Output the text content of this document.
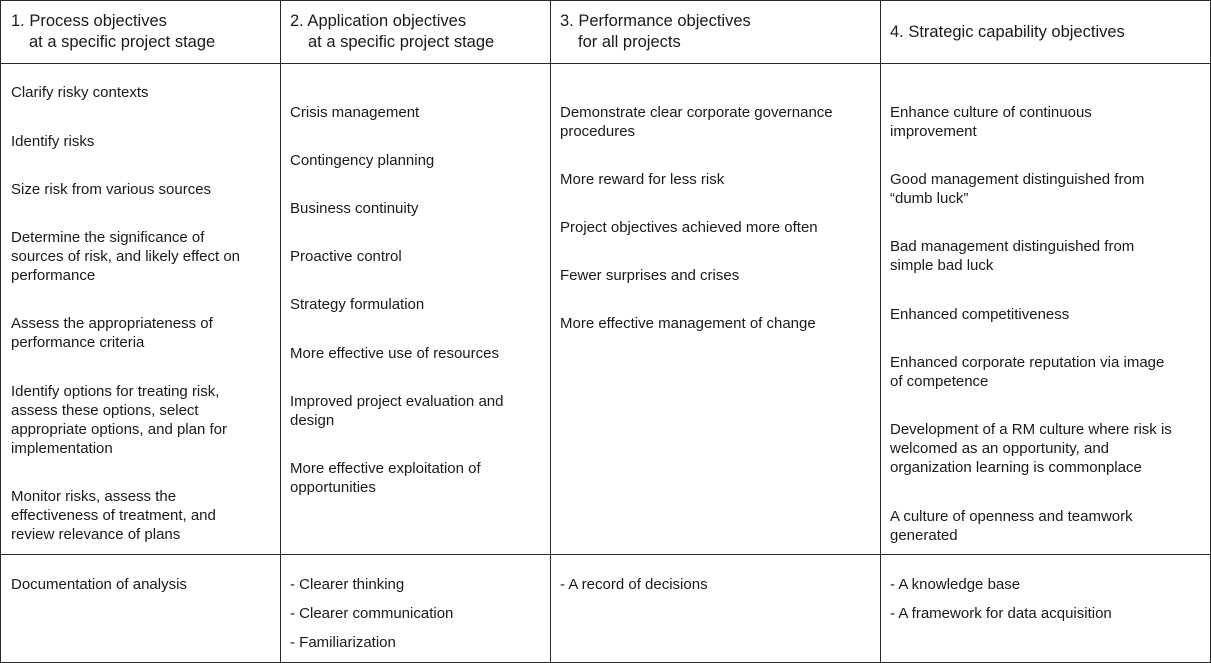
1. Process objectives
at a specific project stage
2. Application objectives
at a specific project stage
3. Performance objectives
for all projects
4. Strategic capability objectives
Clarify risky contexts
Identify risks
Size risk from various sources
Determine the significance of
sources of risk, and likely effect on
performance
Assess the appropriateness of
performance criteria
Identify options for treating risk,
assess these options, select
appropriate options, and plan for
implementation
Monitor risks, assess the
effectiveness of treatment, and
review relevance of plans
Crisis management
Contingency planning
Business continuity
Proactive control
Strategy formulation
More effective use of resources
Improved project evaluation and
design
More effective exploitation of
opportunities
Demonstrate clear corporate governance
procedures
More reward for less risk
Project objectives achieved more often
Fewer surprises and crises
More effective management of change
Enhance culture of continuous
improvement
Good management distinguished from
“dumb luck”
Bad management distinguished from
simple bad luck
Enhanced competitiveness
Enhanced corporate reputation via image
of competence
Development of a RM culture where risk is
welcomed as an opportunity, and
organization learning is commonplace
A culture of openness and teamwork
generated
Documentation of analysis	- Clearer thinking
- Clearer communication
- Familiarization
- A record of decisions	- A knowledge base
- A framework for data acquisition
